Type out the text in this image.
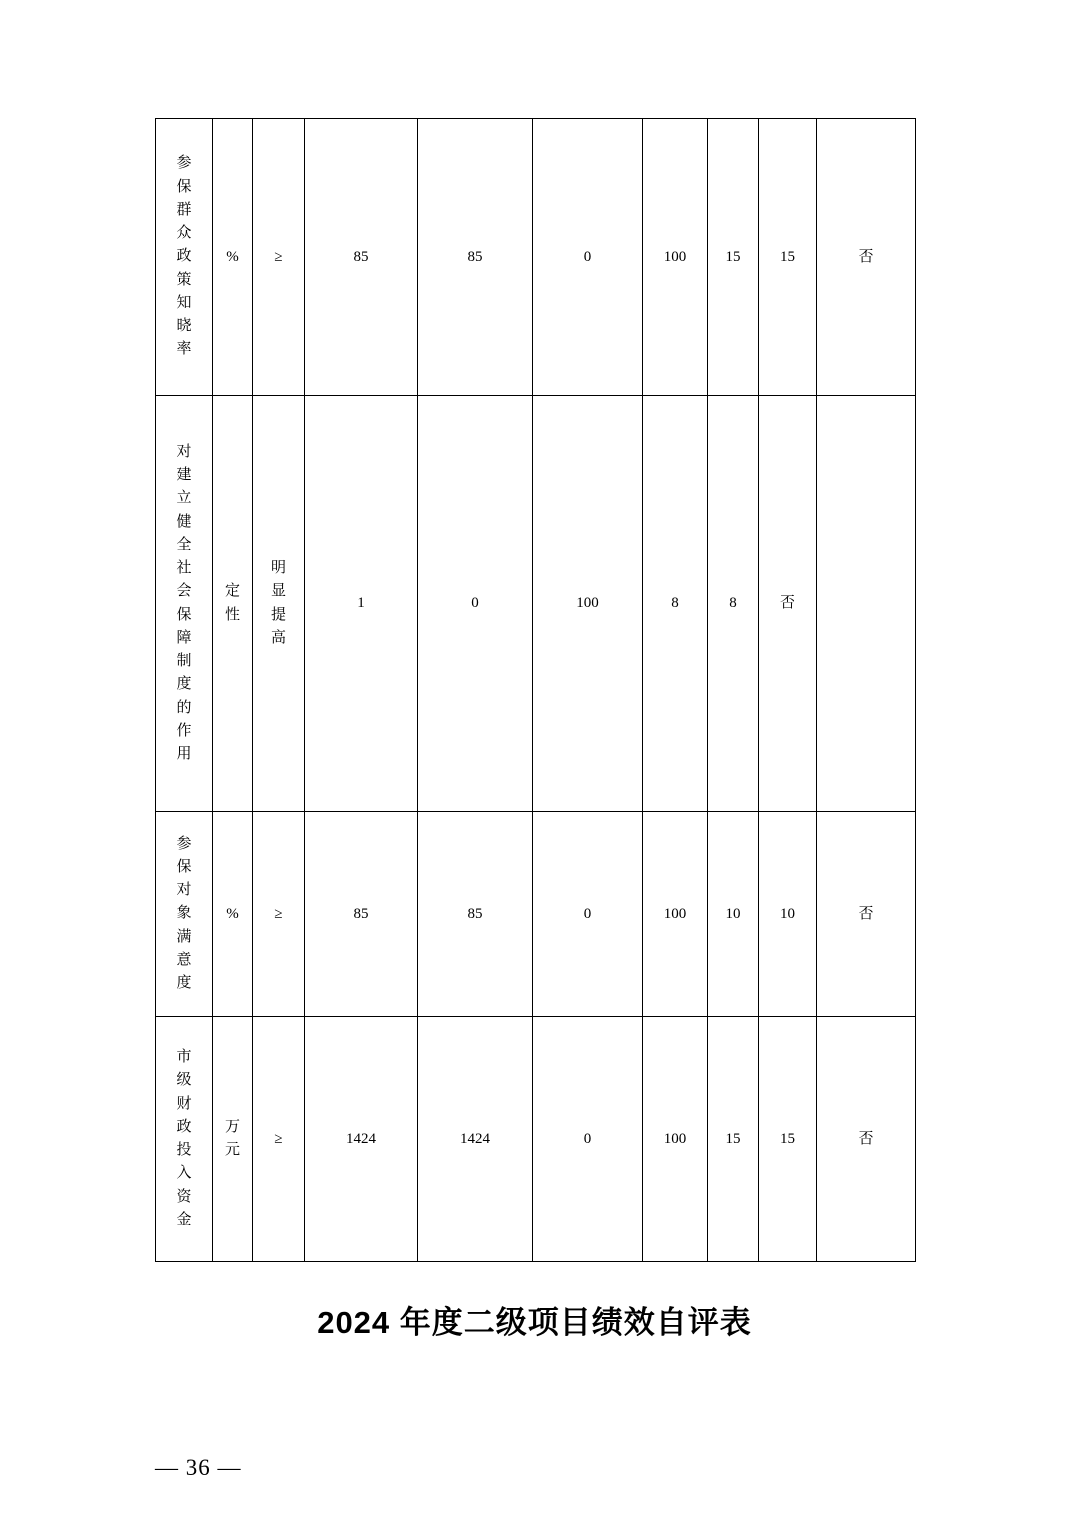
参保群众政策知晓率	%	≥	85	85	0	100	15	15	否

对建立健全社会保障制度的作用	定性	明显提高	1	0	100	8	8	否	

参保对象满意度	%	≥	85	85	0	100	10	10	否

市级财政投入资金	万元	≥	1424	1424	0	100	15	15	否
2024 年度二级项目绩效自评表
— 36 —
